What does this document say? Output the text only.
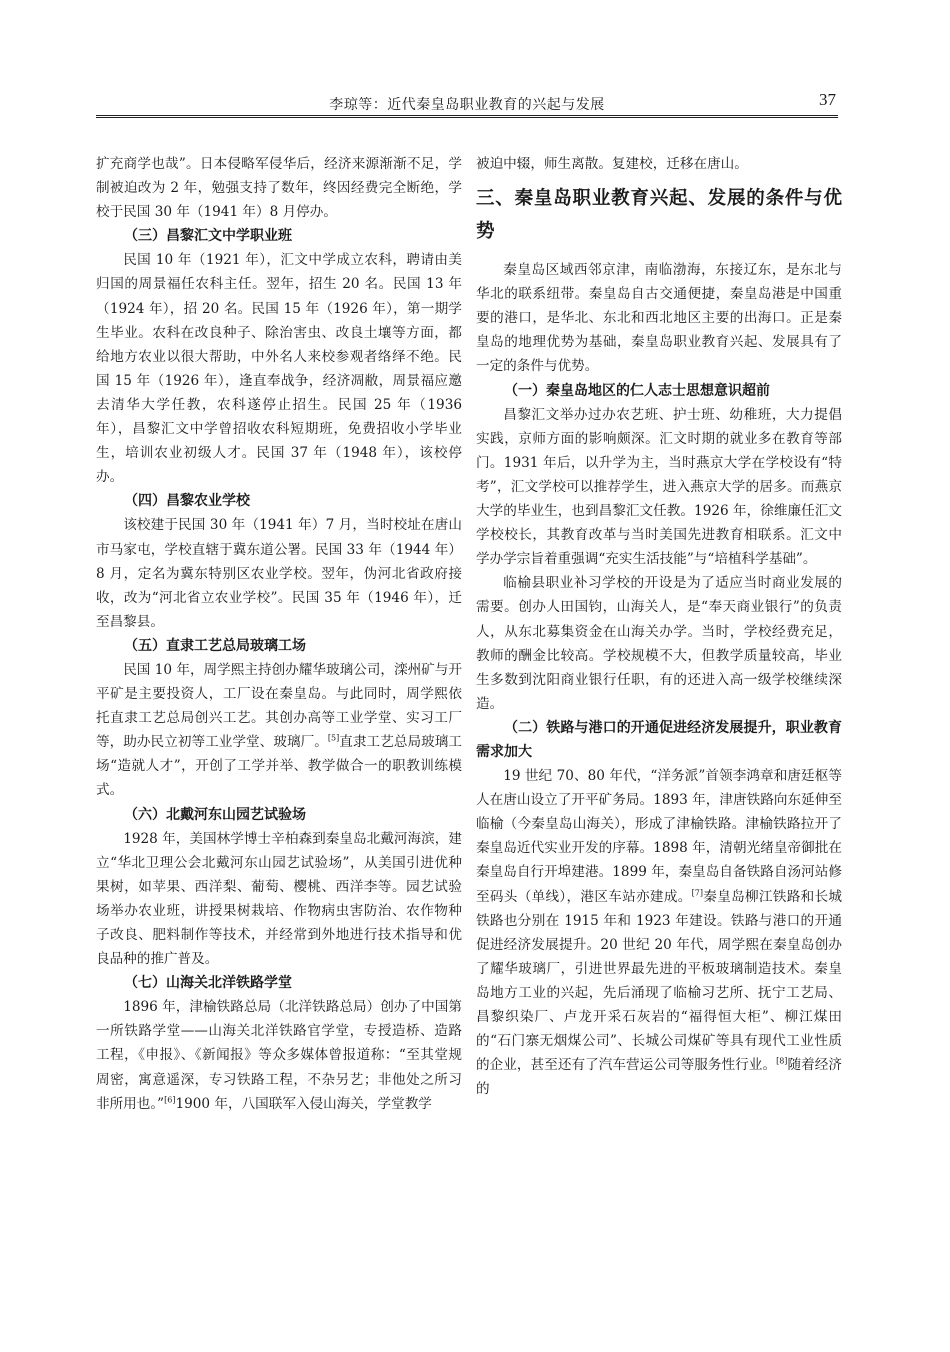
李琼等：近代秦皇岛职业教育的兴起与发展	37

扩充商学也哉”。日本侵略军侵华后，经济来源渐渐不足，学制被迫改为 2 年，勉强支持了数年，终因经费完全断绝，学校于民国 30 年（1941 年）8 月停办。

（三）昌黎汇文中学职业班

民国 10 年（1921 年），汇文中学成立农科，聘请由美归国的周景福任农科主任。翌年，招生 20 名。民国 13 年（1924 年），招 20 名。民国 15 年（1926 年），第一期学生毕业。农科在改良种子、除治害虫、改良土壤等方面，都给地方农业以很大帮助，中外名人来校参观者络绎不绝。民国 15 年（1926 年），逢直奉战争，经济凋敝，周景福应邀去清华大学任教，农科遂停止招生。民国 25 年（1936 年），昌黎汇文中学曾招收农科短期班，免费招收小学毕业生，培训农业初级人才。民国 37 年（1948 年），该校停办。

（四）昌黎农业学校

该校建于民国 30 年（1941 年）7 月，当时校址在唐山市马家屯，学校直辖于冀东道公署。民国 33 年（1944 年）8 月，定名为冀东特别区农业学校。翌年，伪河北省政府接收，改为“河北省立农业学校”。民国 35 年（1946 年），迁至昌黎县。

（五）直隶工艺总局玻璃工场

民国 10 年，周学熙主持创办耀华玻璃公司，滦州矿与开平矿是主要投资人，工厂设在秦皇岛。与此同时，周学熙依托直隶工艺总局创兴工艺。其创办高等工业学堂、实习工厂等，助办民立初等工业学堂、玻璃厂。[5]直隶工艺总局玻璃工场“造就人才”，开创了工学并举、教学做合一的职教训练模式。

（六）北戴河东山园艺试验场

1928 年，美国林学博士辛柏森到秦皇岛北戴河海滨，建立“华北卫理公会北戴河东山园艺试验场”，从美国引进优种果树，如苹果、西洋梨、葡萄、樱桃、西洋李等。园艺试验场举办农业班，讲授果树栽培、作物病虫害防治、农作物种子改良、肥料制作等技术，并经常到外地进行技术指导和优良品种的推广普及。

（七）山海关北洋铁路学堂

1896 年，津榆铁路总局（北洋铁路总局）创办了中国第一所铁路学堂——山海关北洋铁路官学堂，专授造桥、造路工程，《申报》、《新闻报》等众多媒体曾报道称：“至其堂规周密，寓意遥深，专习铁路工程，不杂另艺；非他处之所习非所用也。”[6]1900 年，八国联军入侵山海关，学堂教学

被迫中辍，师生离散。复建校，迁移在唐山。

三、秦皇岛职业教育兴起、发展的条件与优势

秦皇岛区域西邻京津，南临渤海，东接辽东，是东北与华北的联系纽带。秦皇岛自古交通便捷，秦皇岛港是中国重要的港口，是华北、东北和西北地区主要的出海口。正是秦皇岛的地理优势为基础，秦皇岛职业教育兴起、发展具有了一定的条件与优势。

（一）秦皇岛地区的仁人志士思想意识超前

昌黎汇文举办过办农艺班、护士班、幼稚班，大力提倡实践，京师方面的影响颇深。汇文时期的就业多在教育等部门。1931 年后，以升学为主，当时燕京大学在学校设有“特考”，汇文学校可以推荐学生，进入燕京大学的居多。而燕京大学的毕业生，也到昌黎汇文任教。1926 年，徐维廉任汇文学校校长，其教育改革与当时美国先进教育相联系。汇文中学办学宗旨着重强调“充实生活技能”与“培植科学基础”。

临榆县职业补习学校的开设是为了适应当时商业发展的需要。创办人田国钧，山海关人，是“奉天商业银行”的负责人，从东北募集资金在山海关办学。当时，学校经费充足，教师的酬金比较高。学校规模不大，但教学质量较高，毕业生多数到沈阳商业银行任职，有的还进入高一级学校继续深造。

（二）铁路与港口的开通促进经济发展提升，职业教育需求加大

19 世纪 70、80 年代，“洋务派”首领李鸿章和唐廷枢等人在唐山设立了开平矿务局。1893 年，津唐铁路向东延伸至临榆（今秦皇岛山海关），形成了津榆铁路。津榆铁路拉开了秦皇岛近代实业开发的序幕。1898 年，清朝光绪皇帝御批在秦皇岛自行开埠建港。1899 年，秦皇岛自备铁路自汤河站修至码头（单线），港区车站亦建成。[7]秦皇岛柳江铁路和长城铁路也分别在 1915 年和 1923 年建设。铁路与港口的开通促进经济发展提升。20 世纪 20 年代，周学熙在秦皇岛创办了耀华玻璃厂，引进世界最先进的平板玻璃制造技术。秦皇岛地方工业的兴起，先后涌现了临榆习艺所、抚宁工艺局、昌黎织染厂、卢龙开采石灰岩的“福得恒大柜”、柳江煤田的“石门寨无烟煤公司”、长城公司煤矿等具有现代工业性质的企业，甚至还有了汽车营运公司等服务性行业。[8]随着经济的
